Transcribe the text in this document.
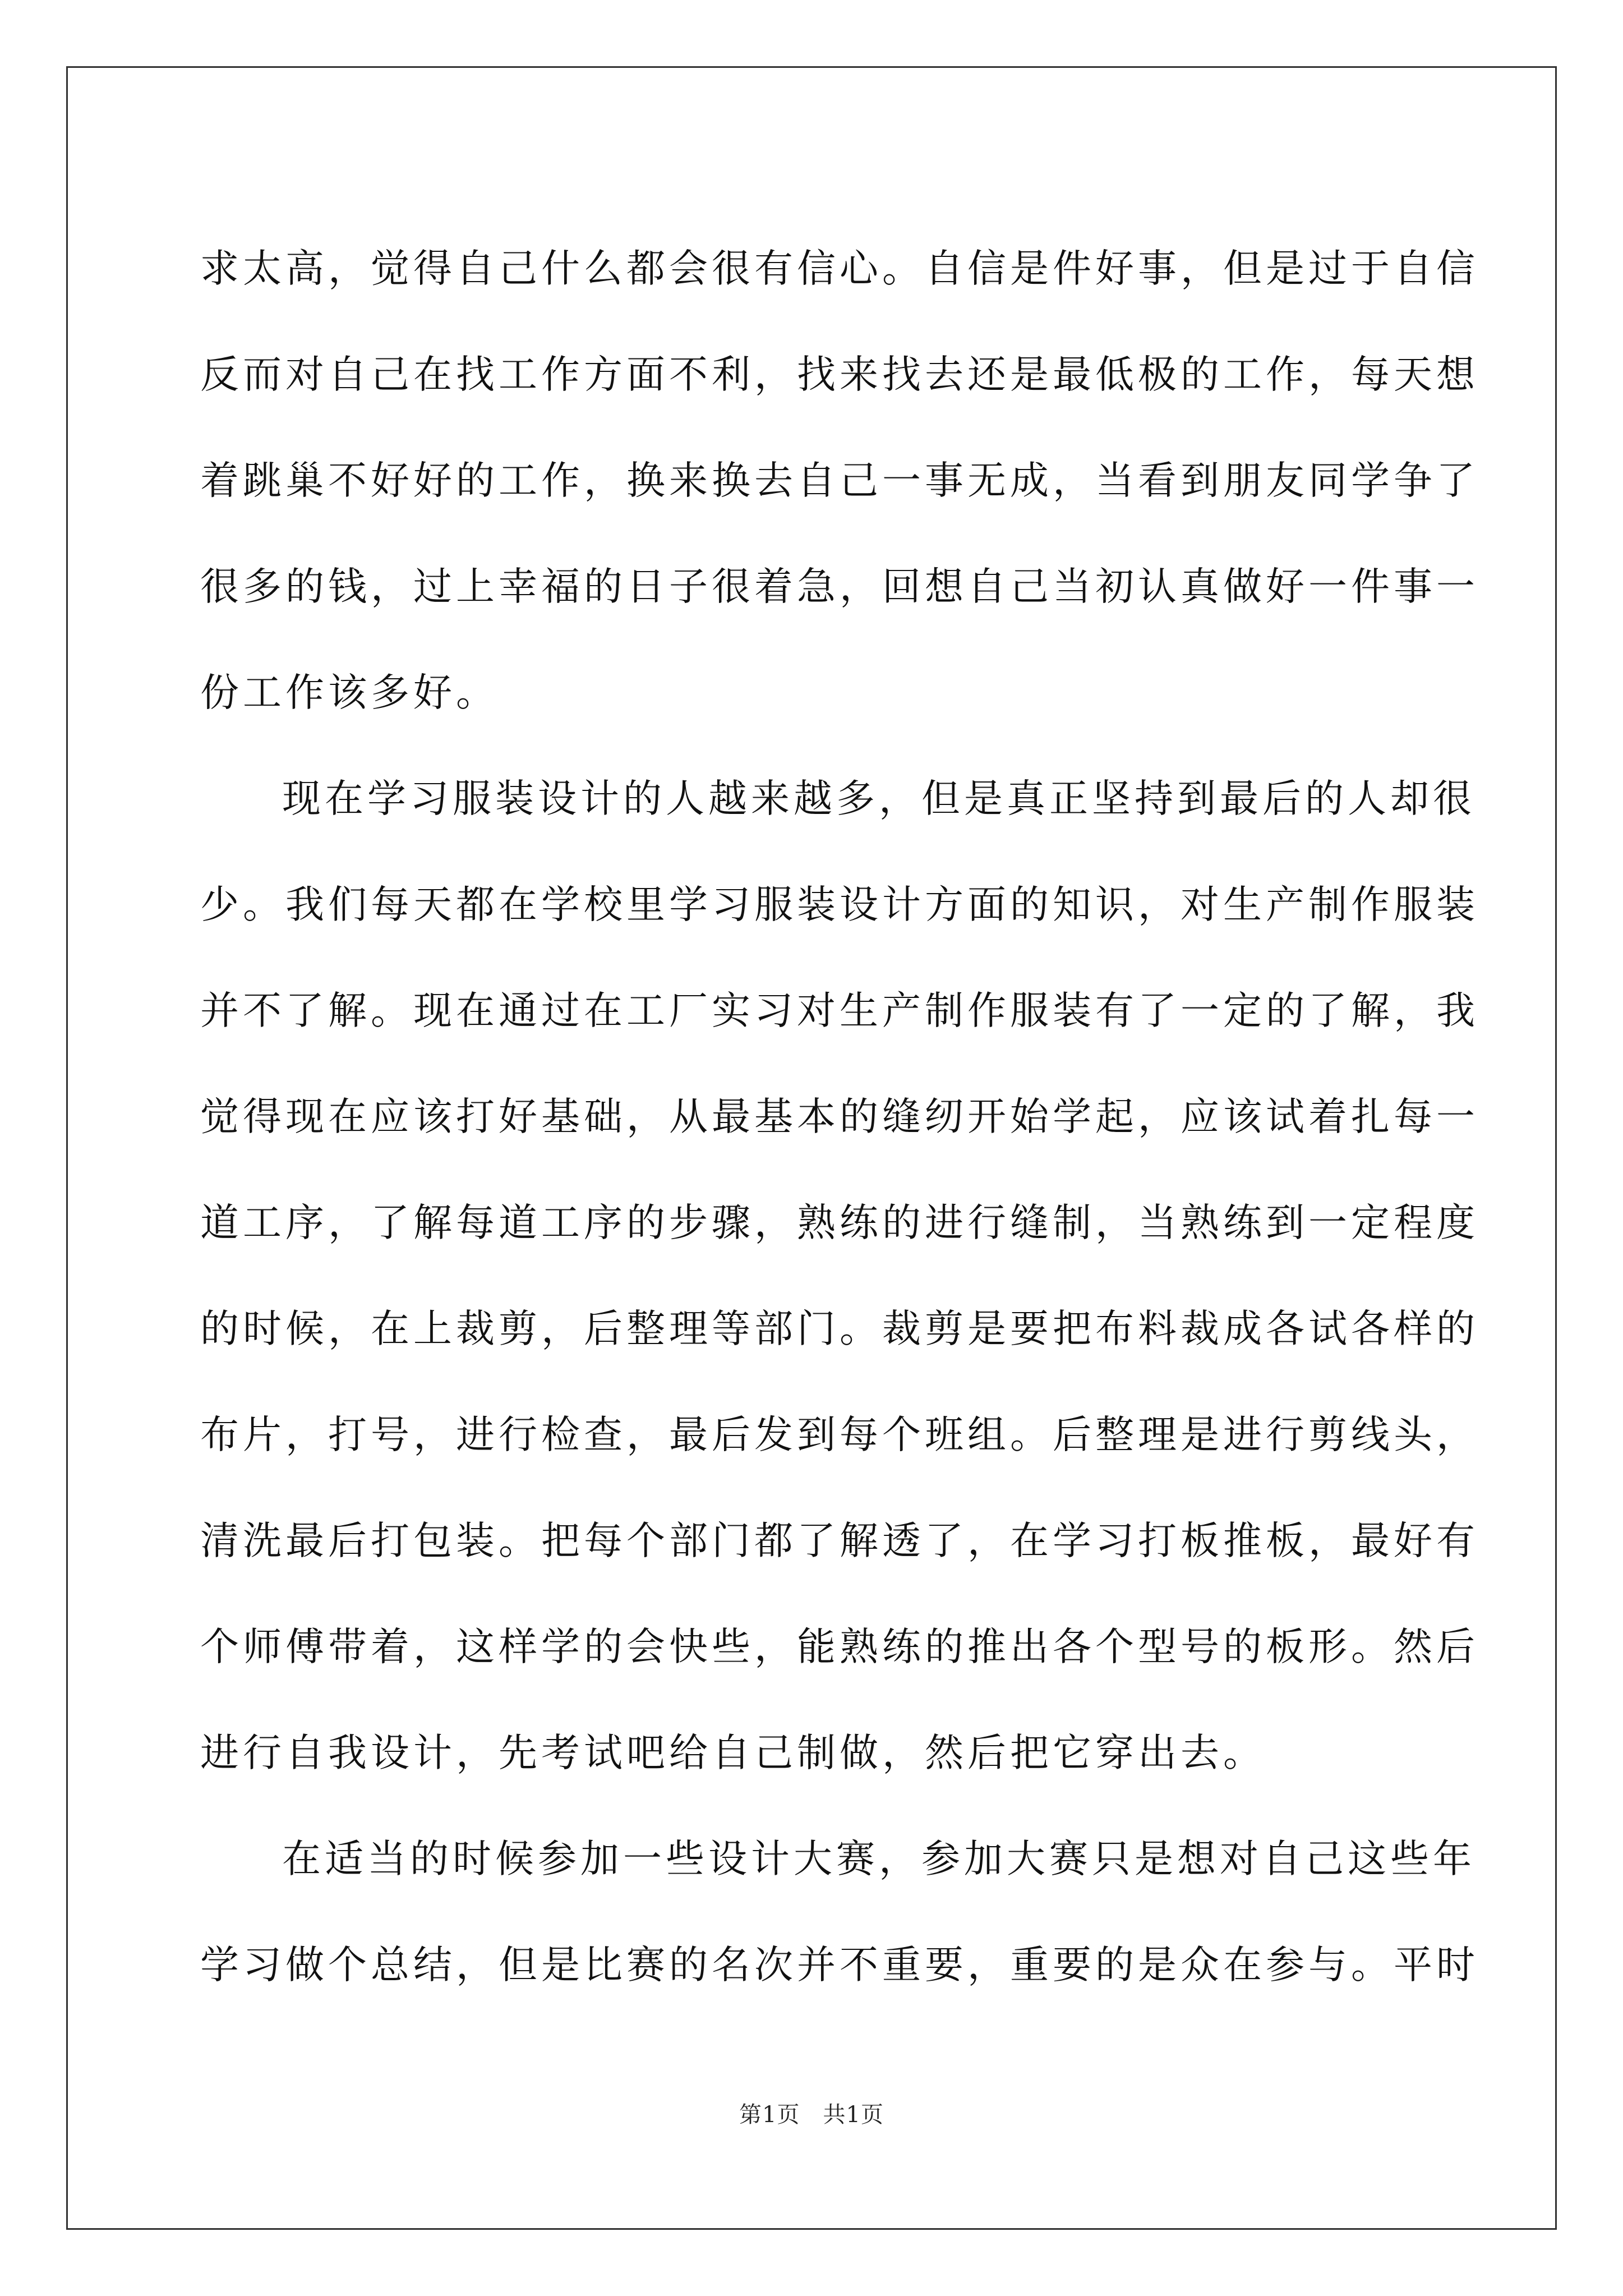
求太高，觉得自己什么都会很有信心。自信是件好事，但是过于自信
反而对自己在找工作方面不利，找来找去还是最低极的工作，每天想
着跳巢不好好的工作，换来换去自己一事无成，当看到朋友同学争了
很多的钱，过上幸福的日子很着急，回想自己当初认真做好一件事一
份工作该多好。
现在学习服装设计的人越来越多，但是真正坚持到最后的人却很
少。我们每天都在学校里学习服装设计方面的知识，对生产制作服装
并不了解。现在通过在工厂实习对生产制作服装有了一定的了解，我
觉得现在应该打好基础，从最基本的缝纫开始学起，应该试着扎每一
道工序，了解每道工序的步骤，熟练的进行缝制，当熟练到一定程度
的时候，在上裁剪，后整理等部门。裁剪是要把布料裁成各试各样的
布片，打号，进行检查，最后发到每个班组。后整理是进行剪线头，
清洗最后打包装。把每个部门都了解透了，在学习打板推板，最好有
个师傅带着，这样学的会快些，能熟练的推出各个型号的板形。然后
进行自我设计，先考试吧给自己制做，然后把它穿出去。
在适当的时候参加一些设计大赛，参加大赛只是想对自己这些年
学习做个总结，但是比赛的名次并不重要，重要的是众在参与。平时
第1页　共1页
